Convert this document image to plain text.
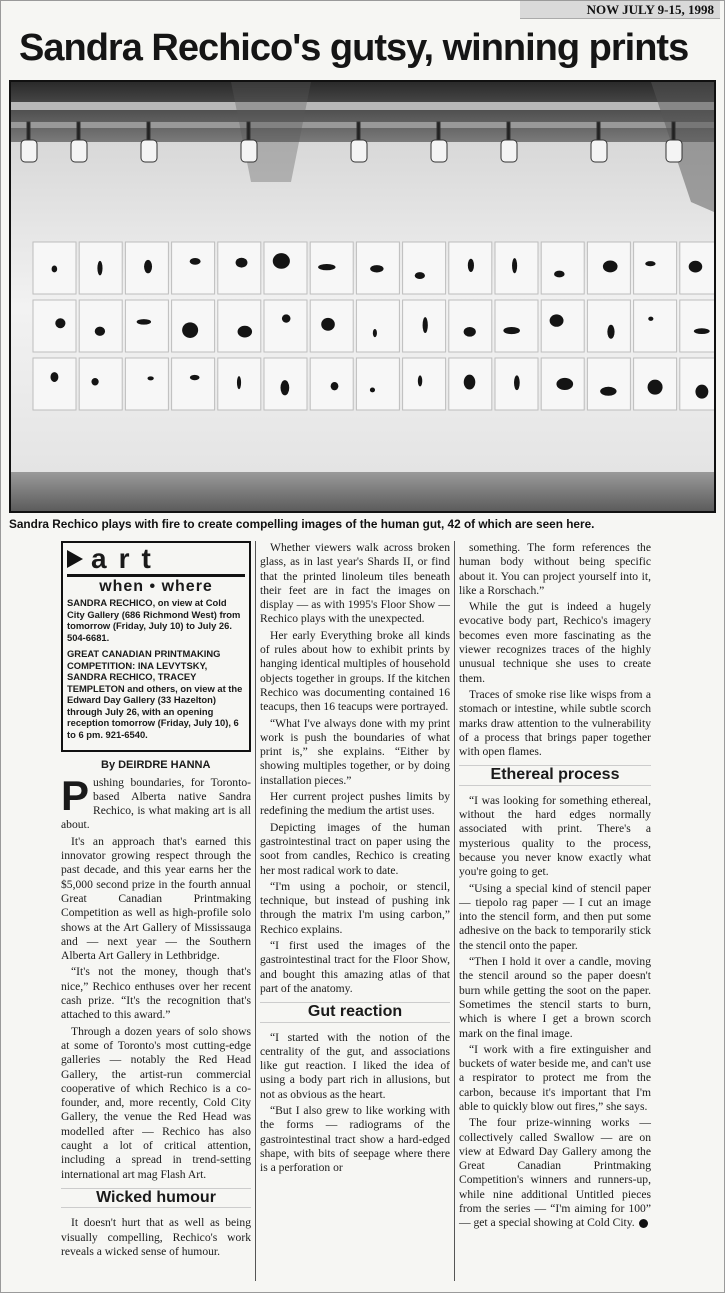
NOW JULY 9-15, 1998
Sandra Rechico's gutsy, winning prints
Sandra Rechico plays with fire to create compelling images of the human gut, 42 of which are seen here.
art
when • where
SANDRA RECHICO, on view at Cold City Gallery (686 Richmond West) from tomorrow (Friday, July 10) to July 26. 504-6681.
GREAT CANADIAN PRINTMAKING COMPETITION: INA LEVYTSKY, SANDRA RECHICO, TRACEY TEMPLETON and others, on view at the Edward Day Gallery (33 Hazelton) through July 26, with an opening reception tomorrow (Friday, July 10), 6 to 6 pm. 921-6540.
By DEIRDRE HANNA

Pushing boundaries, for Toronto-based Alberta native Sandra Rechico, is what making art is all about.

It's an approach that's earned this innovator growing respect through the past decade, and this year earns her the $5,000 second prize in the fourth annual Great Canadian Printmaking Competition as well as high-profile solo shows at the Art Gallery of Mississauga and — next year — the Southern Alberta Art Gallery in Lethbridge.

“It's not the money, though that's nice,” Rechico enthuses over her recent cash prize. “It's the recognition that's attached to this award.”

Through a dozen years of solo shows at some of Toronto's most cutting-edge galleries — notably the Red Head Gallery, the artist-run commercial cooperative of which Rechico is a co-founder, and, more recently, Cold City Gallery, the venue the Red Head was modelled after — Rechico has also caught a lot of critical attention, including a spread in trend-setting international art mag Flash Art.

Wicked humour

It doesn't hurt that as well as being visually compelling, Rechico's work reveals a wicked sense of humour.

Whether viewers walk across broken glass, as in last year's Shards II, or find that the printed linoleum tiles beneath their feet are in fact the images on display — as with 1995's Floor Show — Rechico plays with the unexpected.

Her early Everything broke all kinds of rules about how to exhibit prints by hanging identical multiples of household objects together in groups. If the kitchen Rechico was documenting contained 16 teacups, then 16 teacups were portrayed.

“What I've always done with my print work is push the boundaries of what print is,” she explains. “Either by showing multiples together, or by doing installation pieces.”

Her current project pushes limits by redefining the medium the artist uses.

Depicting images of the human gastrointestinal tract on paper using the soot from candles, Rechico is creating her most radical work to date.

“I'm using a pochoir, or stencil, technique, but instead of pushing ink through the matrix I'm using carbon,” Rechico explains.

“I first used the images of the gastrointestinal tract for the Floor Show, and bought this amazing atlas of that part of the anatomy.

Gut reaction

“I started with the notion of the centrality of the gut, and associations like gut reaction. I liked the idea of using a body part rich in allusions, but not as obvious as the heart.

“But I also grew to like working with the forms — radiograms of the gastrointestinal tract show a hard-edged shape, with bits of seepage where there is a perforation or

something. The form references the human body without being specific about it. You can project yourself into it, like a Rorschach.”

While the gut is indeed a hugely evocative body part, Rechico's imagery becomes even more fascinating as the viewer recognizes traces of the highly unusual technique she uses to create them.

Traces of smoke rise like wisps from a stomach or intestine, while subtle scorch marks draw attention to the vulnerability of a process that brings paper together with open flames.

Ethereal process

“I was looking for something ethereal, without the hard edges normally associated with print. There's a mysterious quality to the process, because you never know exactly what you're going to get.

“Using a special kind of stencil paper — tiepolo rag paper — I cut an image into the stencil form, and then put some adhesive on the back to temporarily stick the stencil onto the paper.

“Then I hold it over a candle, moving the stencil around so the paper doesn't burn while getting the soot on the paper. Sometimes the stencil starts to burn, which is where I get a brown scorch mark on the final image.

“I work with a fire extinguisher and buckets of water beside me, and can't use a respirator to protect me from the carbon, because it's important that I'm able to quickly blow out fires,” she says.

The four prize-winning works — collectively called Swallow — are on view at Edward Day Gallery among the Great Canadian Printmaking Competition's winners and runners-up, while nine additional Untitled pieces from the series — “I'm aiming for 100” — get a special showing at Cold City.
